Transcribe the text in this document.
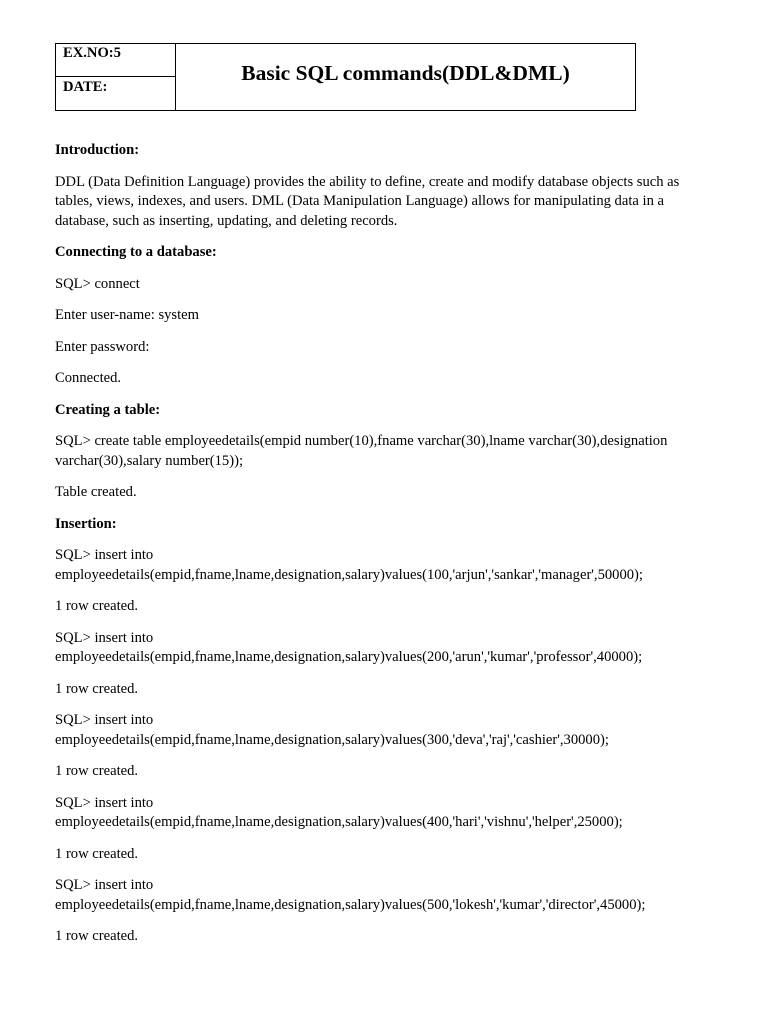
EX.NO:5
DATE:
Basic SQL commands(DDL&DML)

Introduction:

DDL (Data Definition Language) provides the ability to define, create and modify database objects such as

tables, views, indexes, and users. DML (Data Manipulation Language) allows for manipulating data in a

database, such as inserting, updating, and deleting records.

Connecting to a database:

SQL> connect

Enter user-name: system

Enter password:

Connected.

Creating a table:

SQL> create table employeedetails(empid number(10),fname varchar(30),lname varchar(30),designation

varchar(30),salary number(15));

Table created.

Insertion:

SQL> insert into

employeedetails(empid,fname,lname,designation,salary)values(100,'arjun','sankar','manager',50000);

1 row created.

SQL> insert into

employeedetails(empid,fname,lname,designation,salary)values(200,'arun','kumar','professor',40000);

1 row created.

SQL> insert into

employeedetails(empid,fname,lname,designation,salary)values(300,'deva','raj','cashier',30000);

1 row created.

SQL> insert into

employeedetails(empid,fname,lname,designation,salary)values(400,'hari','vishnu','helper',25000);

1 row created.

SQL> insert into

employeedetails(empid,fname,lname,designation,salary)values(500,'lokesh','kumar','director',45000);

1 row created.
